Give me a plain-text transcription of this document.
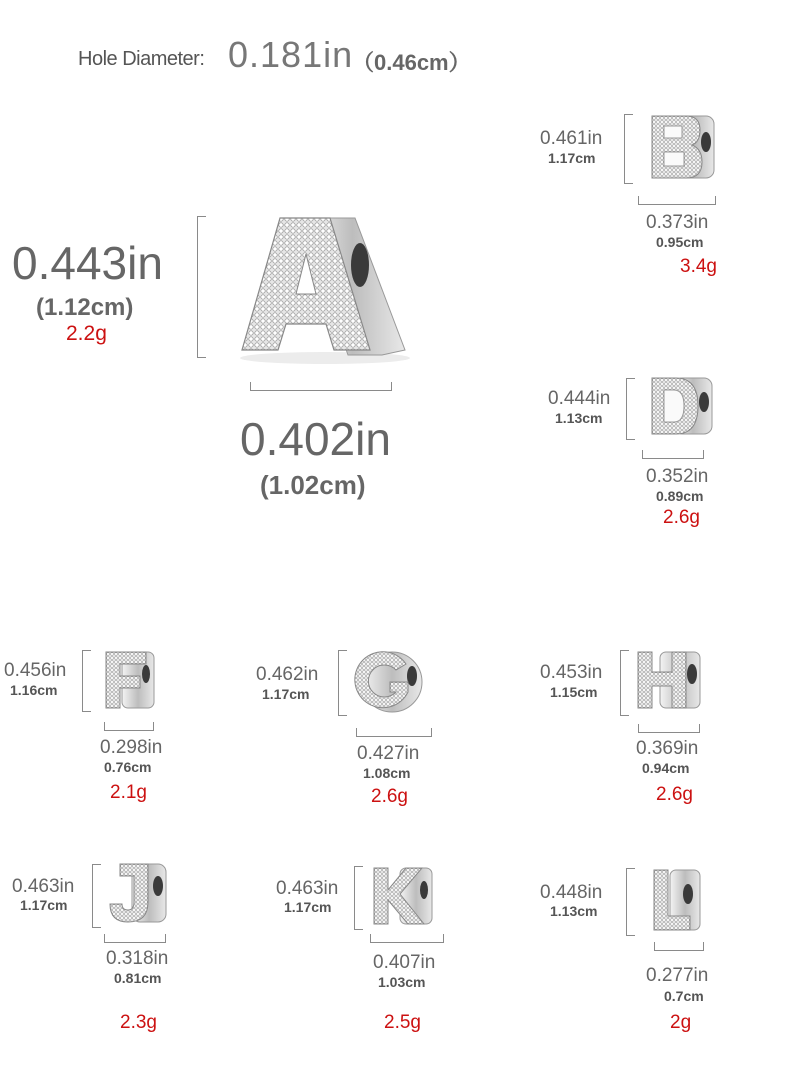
Hole Diameter: 0.181in
（0.46cm）
0.443in
(1.12cm)
2.2g
0.402in
(1.02cm)
0.461in
1.17cm
0.373in
0.95cm
3.4g
0.444in
1.13cm
0.352in
0.89cm
2.6g
0.456in
1.16cm
0.298in
0.76cm
2.1g
0.462in
1.17cm
0.427in
1.08cm
2.6g
0.453in
1.15cm
0.369in
0.94cm
2.6g
0.463in
1.17cm
0.318in
0.81cm
2.3g
0.463in
1.17cm
0.407in
1.03cm
2.5g
0.448in
1.13cm
0.277in
0.7cm
2g
